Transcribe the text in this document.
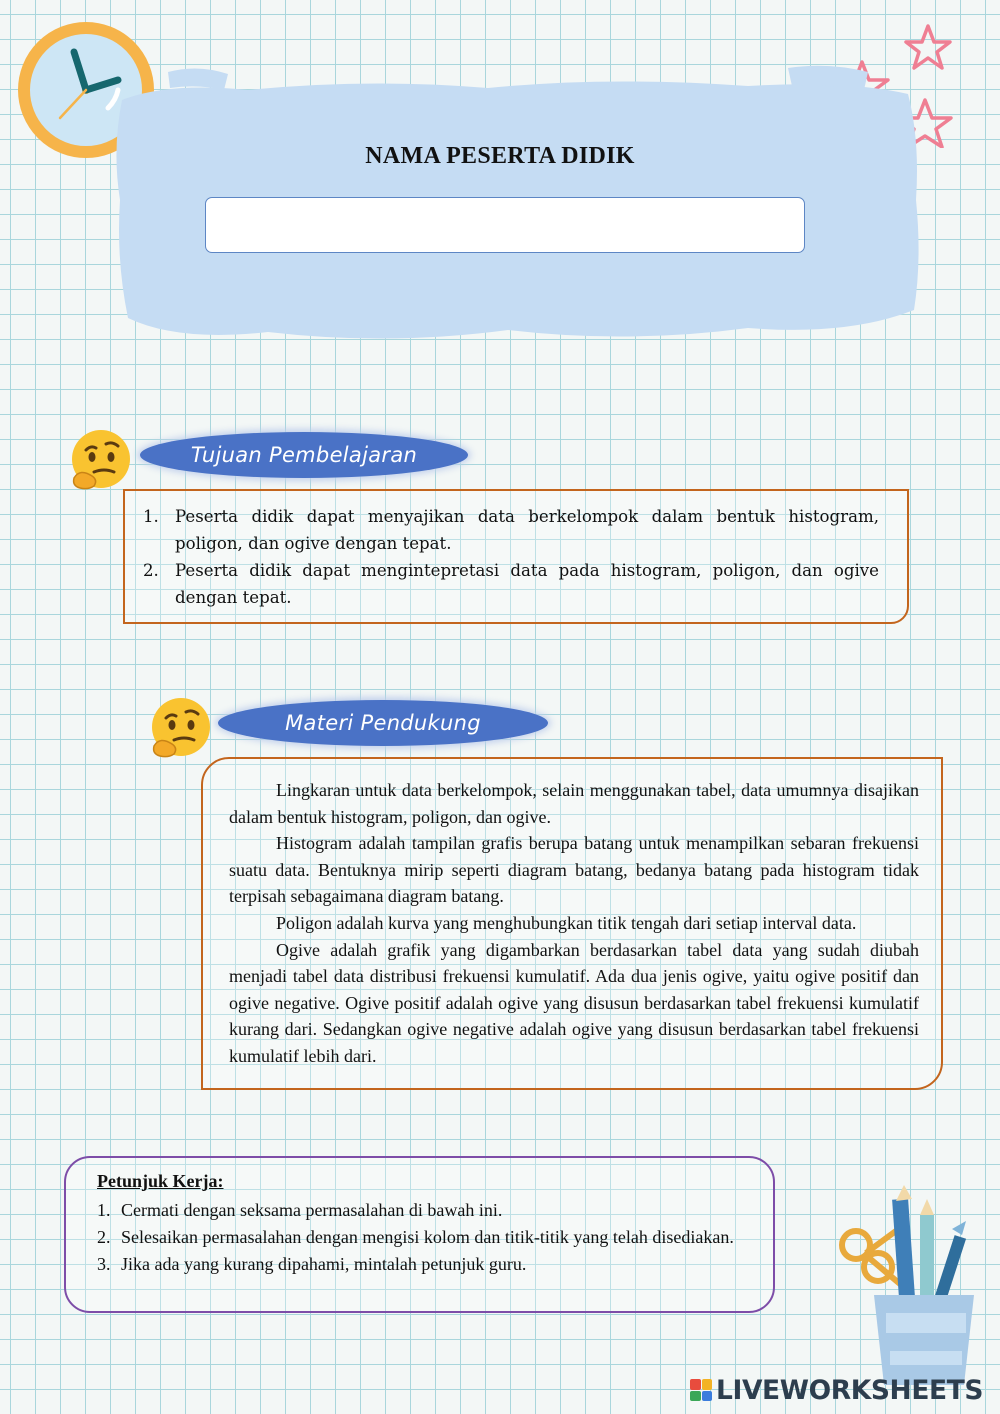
NAMA PESERTA DIDIK
Tujuan Pembelajaran
1. Peserta didik dapat menyajikan data berkelompok dalam bentuk histogram, poligon, dan ogive dengan tepat.
2. Peserta didik dapat mengintepretasi data pada histogram, poligon, dan ogive dengan tepat.
Materi Pendukung

Lingkaran untuk data berkelompok, selain menggunakan tabel, data umumnya disajikan dalam bentuk histogram, poligon, dan ogive.

Histogram adalah tampilan grafis berupa batang untuk menampilkan sebaran frekuensi suatu data. Bentuknya mirip seperti diagram batang, bedanya batang pada histogram tidak terpisah sebagaimana diagram batang.

Poligon adalah kurva yang menghubungkan titik tengah dari setiap interval data.

Ogive adalah grafik yang digambarkan berdasarkan tabel data yang sudah diubah menjadi tabel data distribusi frekuensi kumulatif. Ada dua jenis ogive, yaitu ogive positif dan ogive negative. Ogive positif adalah ogive yang disusun berdasarkan tabel frekuensi kumulatif kurang dari. Sedangkan ogive negative adalah ogive yang disusun berdasarkan tabel frekuensi kumulatif lebih dari.

Petunjuk Kerja:
1. Cermati dengan seksama permasalahan di bawah ini.
2. Selesaikan permasalahan dengan mengisi kolom dan titik-titik yang telah disediakan.
3. Jika ada yang kurang dipahami, mintalah petunjuk guru.
LIVEWORKSHEETS
